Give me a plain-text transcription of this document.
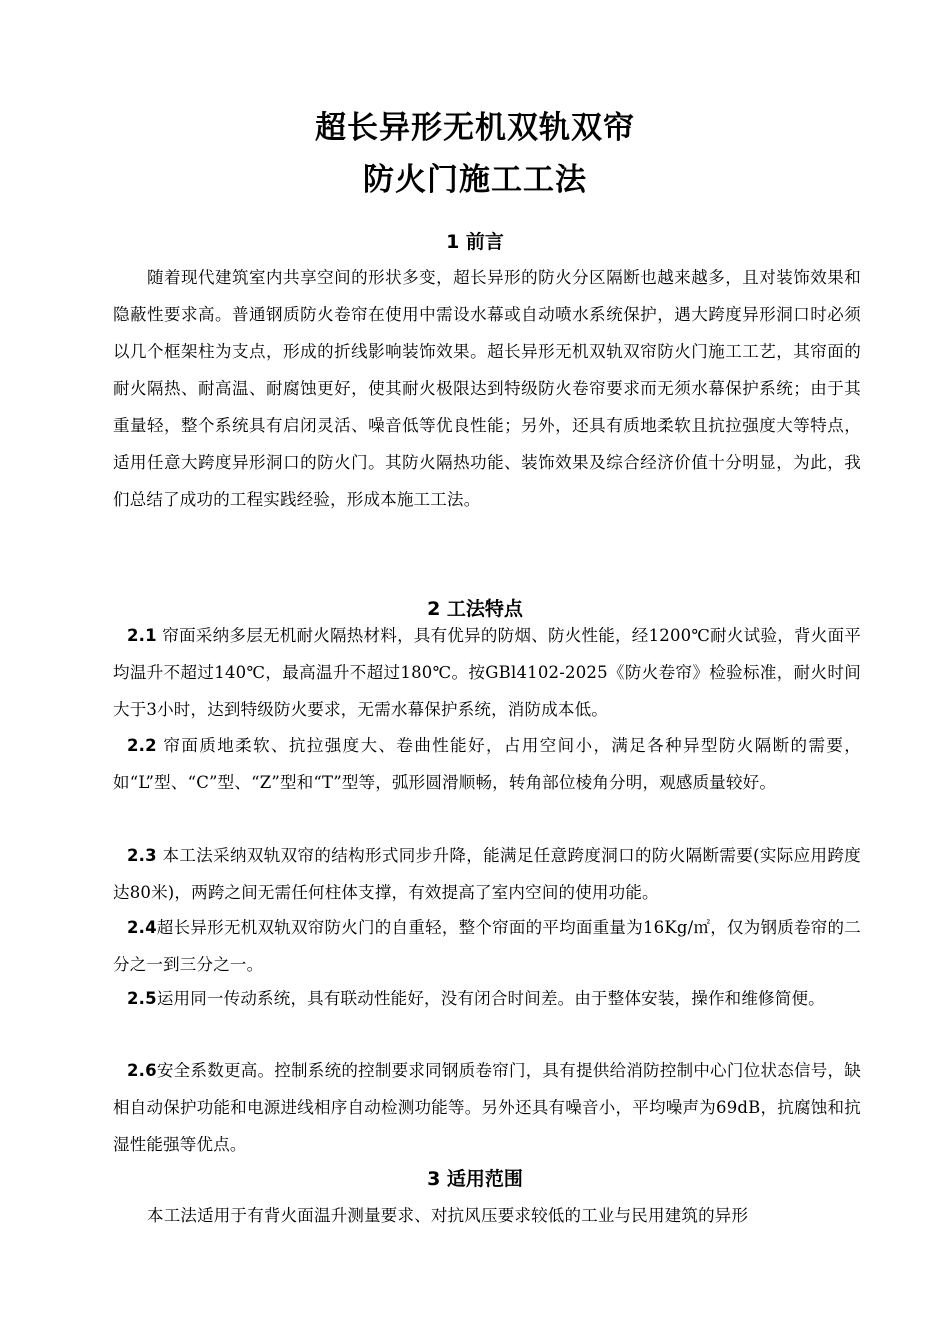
超长异形无机双轨双帘
防火门施工工法
1 前言
随着现代建筑室内共享空间的形状多变，超长异形的防火分区隔断也越来越多，且对装饰效果和隐蔽性要求高。普通钢质防火卷帘在使用中需设水幕或自动喷水系统保护，遇大跨度异形洞口时必须以几个框架柱为支点，形成的折线影响装饰效果。超长异形无机双轨双帘防火门施工工艺，其帘面的耐火隔热、耐高温、耐腐蚀更好，使其耐火极限达到特级防火卷帘要求而无须水幕保护系统；由于其重量轻，整个系统具有启闭灵活、噪音低等优良性能；另外，还具有质地柔软且抗拉强度大等特点，适用任意大跨度异形洞口的防火门。其防火隔热功能、装饰效果及综合经济价值十分明显，为此，我们总结了成功的工程实践经验，形成本施工工法。
2 工法特点
2.1 帘面采纳多层无机耐火隔热材料，具有优异的防烟、防火性能，经1200℃耐火试验，背火面平均温升不超过140℃，最高温升不超过180℃。按GBl4102-2025《防火卷帘》检验标准，耐火时间大于3小时，达到特级防火要求，无需水幕保护系统，消防成本低。
2.2 帘面质地柔软、抗拉强度大、卷曲性能好，占用空间小，满足各种异型防火隔断的需要，如“L”型、“C”型、“Z”型和“T”型等，弧形圆滑顺畅，转角部位棱角分明，观感质量较好。
2.3 本工法采纳双轨双帘的结构形式同步升降，能满足任意跨度洞口的防火隔断需要(实际应用跨度达80米)，两跨之间无需任何柱体支撑，有效提高了室内空间的使用功能。
2.4超长异形无机双轨双帘防火门的自重轻，整个帘面的平均面重量为16Kg/㎡，仅为钢质卷帘的二分之一到三分之一。
2.5运用同一传动系统，具有联动性能好，没有闭合时间差。由于整体安装，操作和维修简便。
2.6安全系数更高。控制系统的控制要求同钢质卷帘门，具有提供给消防控制中心门位状态信号，缺相自动保护功能和电源进线相序自动检测功能等。另外还具有噪音小，平均噪声为69dB，抗腐蚀和抗湿性能强等优点。
3 适用范围
本工法适用于有背火面温升测量要求、对抗风压要求较低的工业与民用建筑的异形
